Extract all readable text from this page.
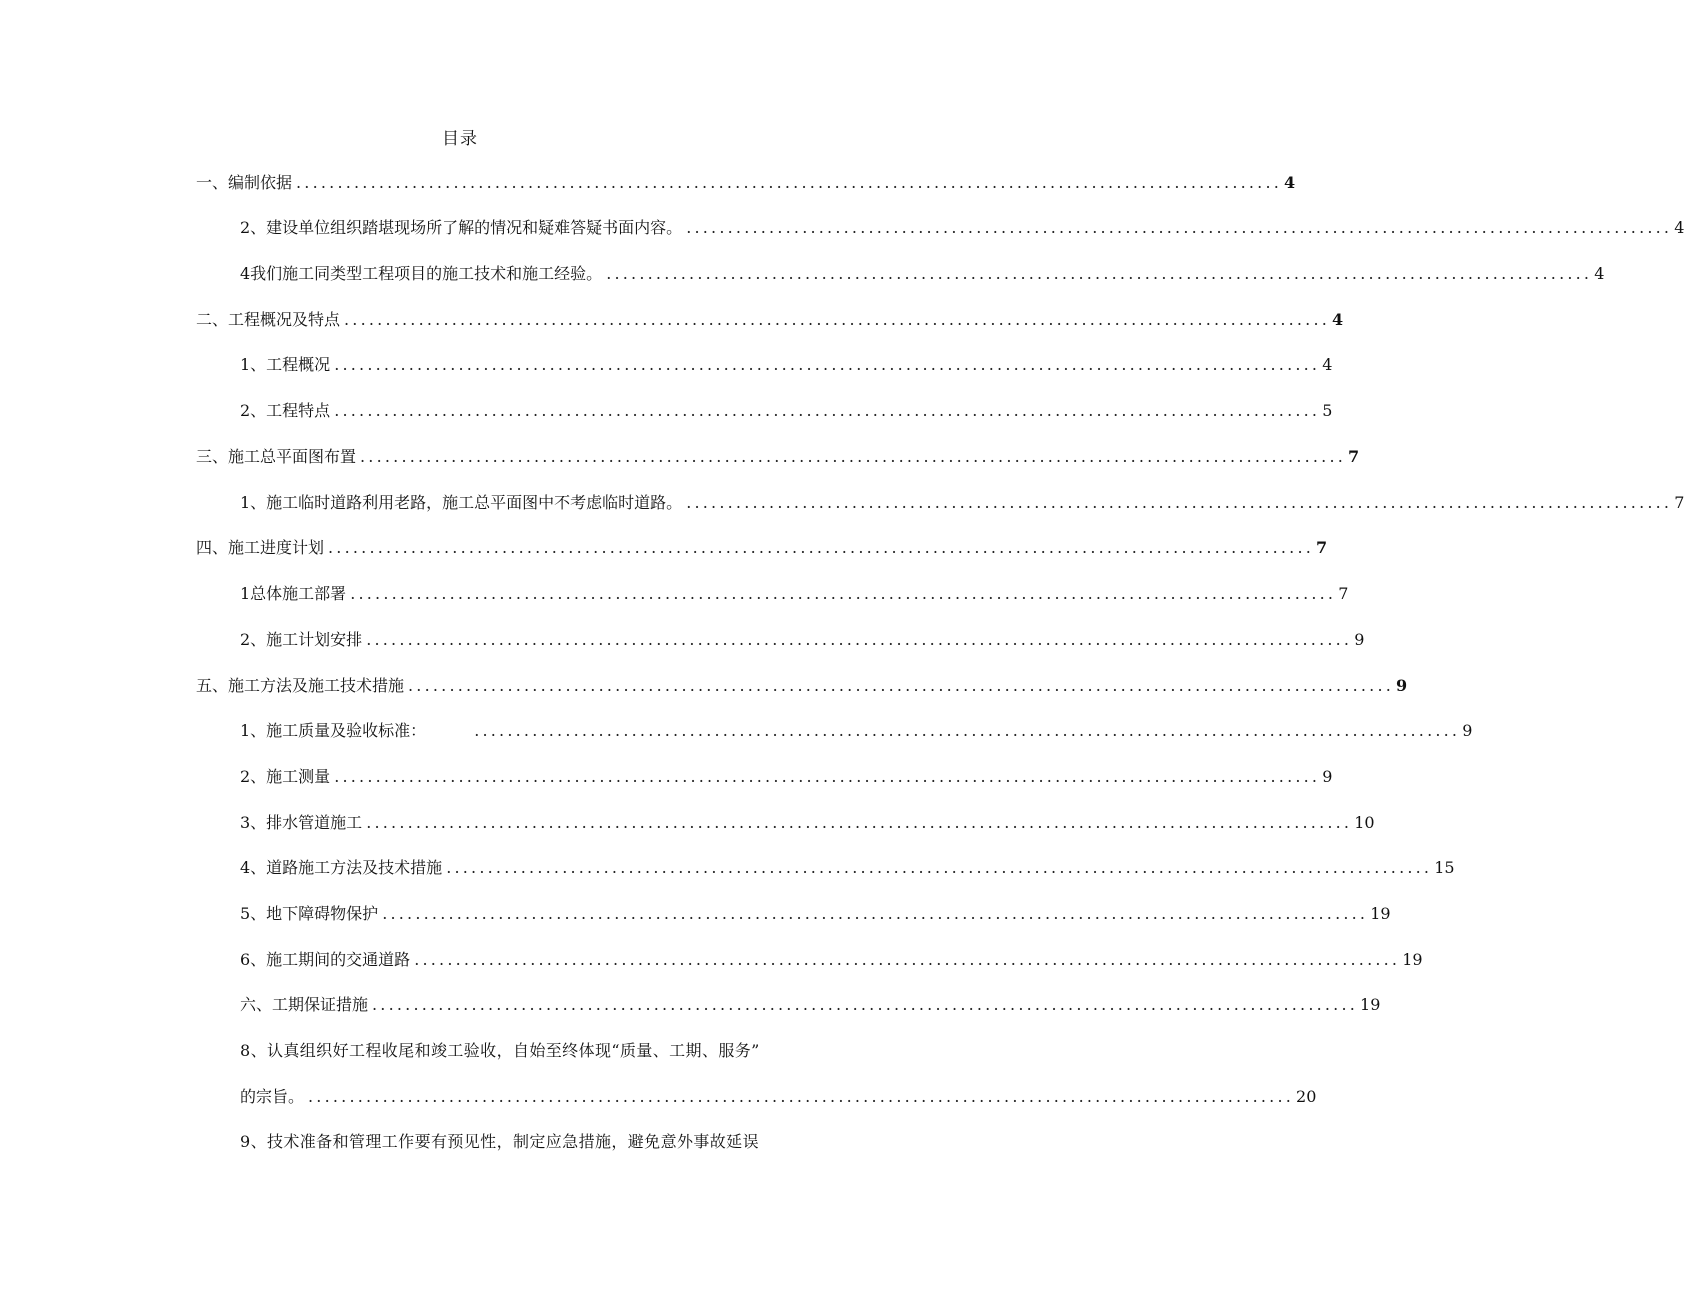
目录
一、编制依据 ....................................................................................................................... 4
2、建设单位组织踏堪现场所了解的情况和疑难答疑书面内容。 ....................................................................................................................... 4
4我们施工同类型工程项目的施工技术和施工经验。 ....................................................................................................................... 4
二、工程概况及特点 ....................................................................................................................... 4
1、工程概况 ....................................................................................................................... 4
2、工程特点 ....................................................................................................................... 5
三、施工总平面图布置 ....................................................................................................................... 7
1、施工临时道路利用老路，施工总平面图中不考虑临时道路。 ....................................................................................................................... 7
四、施工进度计划 ....................................................................................................................... 7
1总体施工部署 ....................................................................................................................... 7
2、施工计划安排 ....................................................................................................................... 9
五、施工方法及施工技术措施 ....................................................................................................................... 9
1、施工质量及验收标准：	....................................................................................................................... 9
2、施工测量 ....................................................................................................................... 9
3、排水管道施工 ....................................................................................................................... 10
4、道路施工方法及技术措施 ....................................................................................................................... 15
5、地下障碍物保护 ....................................................................................................................... 19
6、施工期间的交通道路 ....................................................................................................................... 19
六、工期保证措施 ....................................................................................................................... 19
8、认真组织好工程收尾和竣工验收，自始至终体现“质量、工期、服务”
的宗旨。 ....................................................................................................................... 20
9、技术准备和管理工作要有预见性，制定应急措施，避免意外事故延误
